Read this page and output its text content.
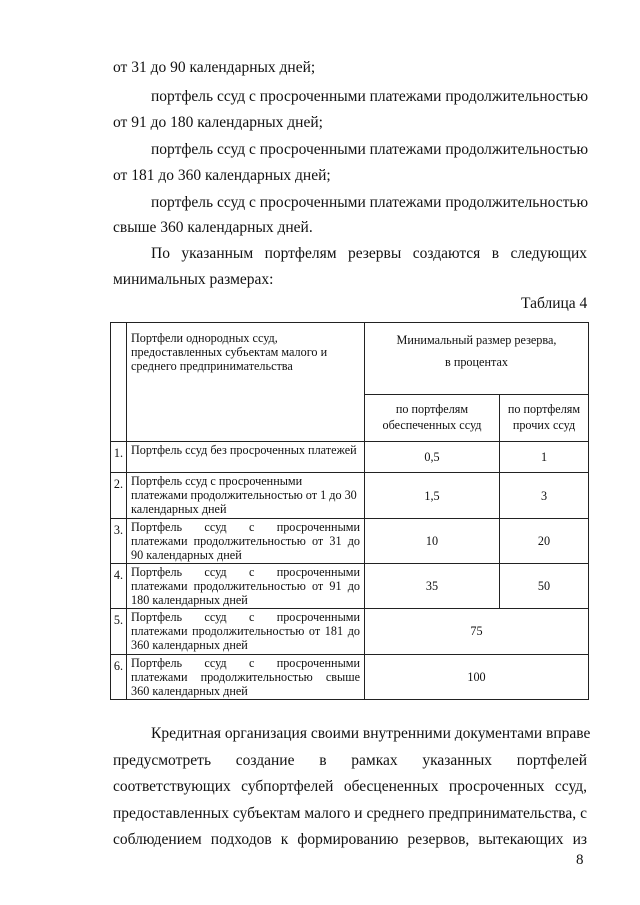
от 31 до 90 календарных дней;
портфель ссуд с просроченными платежами продолжительностью
от 91 до 180 календарных дней;
портфель ссуд с просроченными платежами продолжительностью
от 181 до 360 календарных дней;
портфель ссуд с просроченными платежами продолжительностью
свыше 360 календарных дней.
По указанным портфелям резервы создаются в следующих
минимальных размерах:
Таблица 4
	Портфели однородных ссуд, предоставленных субъектам малого и среднего предпринимательства	Минимальный размер резерва,
в процентах	
		по портфелям обеспеченных ссуд	по портфелям прочих ссуд
1.	Портфель ссуд без просроченных платежей	0,5	1
2.	Портфель ссуд с просроченными платежами продолжительностью от 1 до 30 календарных дней	1,5	3
3.	Портфель ссуд с просроченными платежами продолжительностью от 31 до 90 календарных дней	10	20
4.	Портфель ссуд с просроченными платежами продолжительностью от 91 до 180 календарных дней	35	50
5.	Портфель ссуд с просроченными платежами продолжительностью от 181 до 360 календарных дней	75	
6.	Портфель ссуд с просроченными платежами продолжительностью свыше 360 календарных дней	100	
Кредитная организация своими внутренними документами вправе
предусмотреть создание в рамках указанных портфелей
соответствующих субпортфелей обесцененных просроченных ссуд,
предоставленных субъектам малого и среднего предпринимательства, с
соблюдением подходов к формированию резервов, вытекающих из
8
